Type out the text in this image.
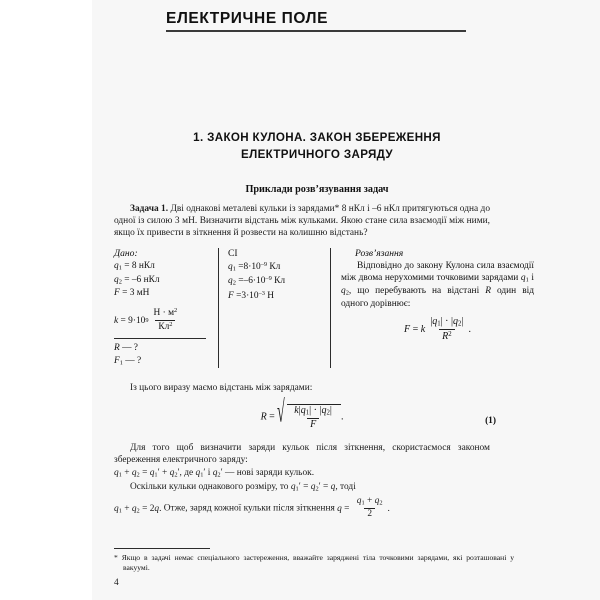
ЕЛЕКТРИЧНЕ ПОЛЕ
1. ЗАКОН КУЛОНА. ЗАКОН ЗБЕРЕЖЕННЯ
ЕЛЕКТРИЧНОГО ЗАРЯДУ
Приклади розв’язування задач
Задача 1. Дві однакові металеві кульки із зарядами* 8 нКл і –6 нКл притягуються одна до одної із силою 3 мН. Визначити відстань між кульками. Якою стане сила взаємодії між ними, якщо їх привести в зіткнення й розвести на колишню відстань?
Дано:
$q_1 = 8$ нКл
$q_2 = -6$ нКл
F = 3 мН
k
=
9·10 $9 \frac{Н \cdot м^2}{Кл^2}$
R — ?
$F_1$ — ?
СІ
$q_1 =8\cdot 10^{-9}$ Кл
$q_2 =-6\cdot 10^{-9}$ Кл
$F =3\cdot 10^{-3}$ Н
Розв’язання
Відповідно до закону Кулона сила взаємодії між двома нерухомими точковими зарядами $q_1$ і $q_2$, що перебувають на відстані R один від одного дорівнює:
F = k $\frac{|q_1| \cdot |q_2|}{R^2}$ .
Із цього виразу маємо відстань між зарядами:
R = √ $\frac{k|q_1| \cdot |q_2|}{F}$ .	(1)
Для того щоб визначити заряди кульок після зіткнення, скористаємося законом збереження електричного заряду:
$q_1 + q_2 = q_1' + q_2'$, де $q_1'$ і $q_2'$ — нові заряди кульок.
Оскільки кульки однакового розміру, то $q_1' = q_2' = q$, тоді
$q_1 + q_2 = 2q$. Отже, заряд кожної кульки після зіткнення $q = \frac{q_1 + q_2}{2}$ .
* Якщо в задачі немає спеціального застереження, вважайте заряджені тіла точковими зарядами, які розташовані у вакуумі.
4
